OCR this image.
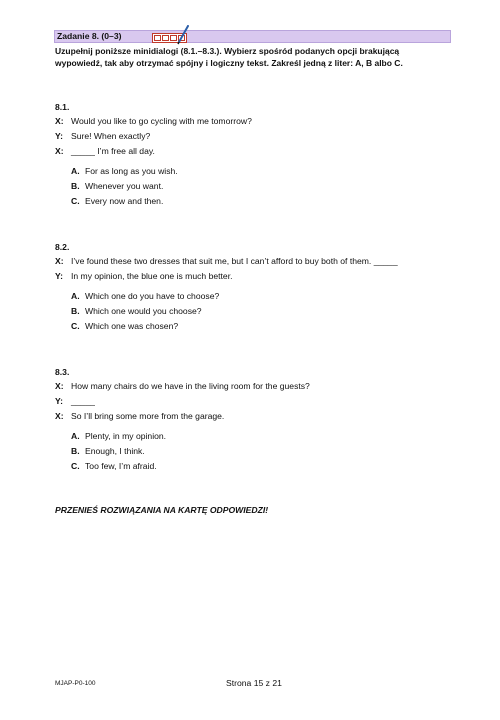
Zadanie 8. (0–3)
Uzupełnij poniższe minidialogi (8.1.–8.3.). Wybierz spośród podanych opcji brakującą
wypowiedź, tak aby otrzymać spójny i logiczny tekst. Zakreśl jedną z liter: A, B albo C.
8.1.
X: Would you like to go cycling with me tomorrow?
Y: Sure! When exactly?
X: _____ I’m free all day.
A. For as long as you wish.
B. Whenever you want.
C. Every now and then.
8.2.
X: I’ve found these two dresses that suit me, but I can’t afford to buy both of them. _____
Y: In my opinion, the blue one is much better.
A. Which one do you have to choose?
B. Which one would you choose?
C. Which one was chosen?
8.3.
X: How many chairs do we have in the living room for the guests?
Y: _____
X: So I’ll bring some more from the garage.
A. Plenty, in my opinion.
B. Enough, I think.
C. Too few, I’m afraid.
PRZENIEŚ ROZWIĄZANIA NA KARTĘ ODPOWIEDZI!
MJAP-P0-100	Strona 15 z 21
